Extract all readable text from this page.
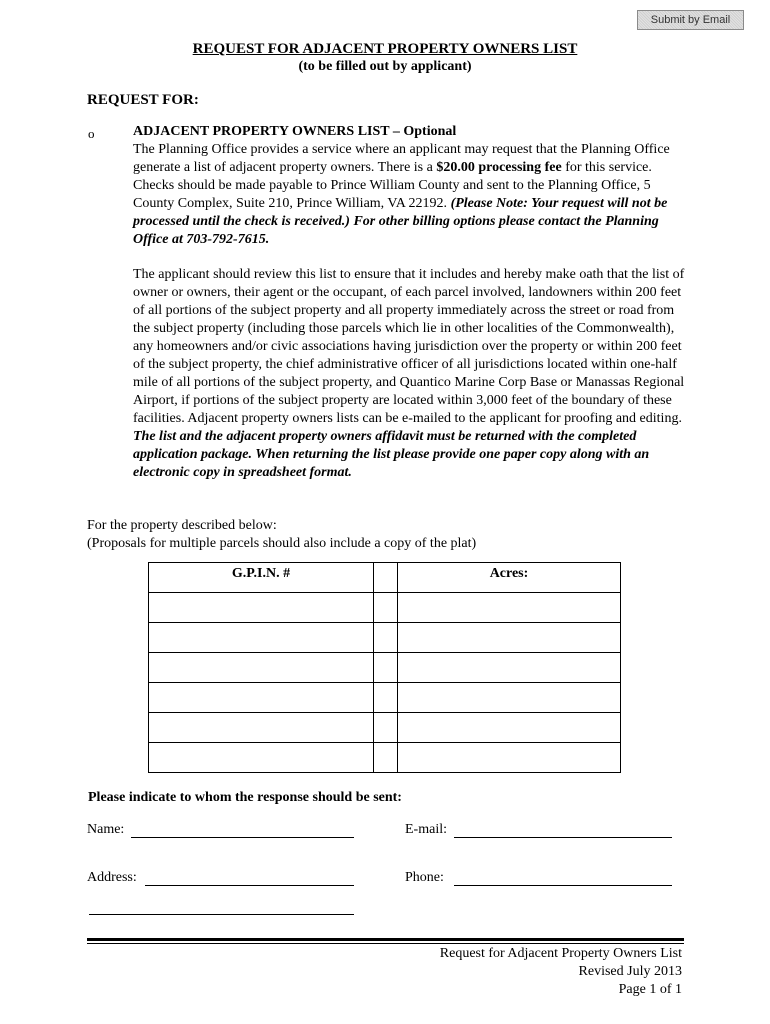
Submit by Email
REQUEST FOR ADJACENT PROPERTY OWNERS LIST
(to be filled out by applicant)
REQUEST FOR:
o	ADJACENT PROPERTY OWNERS LIST – Optional
The Planning Office provides a service where an applicant may request that the Planning Office generate a list of adjacent property owners. There is a $20.00 processing fee for this service. Checks should be made payable to Prince William County and sent to the Planning Office, 5 County Complex, Suite 210, Prince William, VA 22192. (Please Note: Your request will not be processed until the check is received.) For other billing options please contact the Planning Office at 703-792-7615.
The applicant should review this list to ensure that it includes and hereby make oath that the list of owner or owners, their agent or the occupant, of each parcel involved, landowners within 200 feet of all portions of the subject property and all property immediately across the street or road from the subject property (including those parcels which lie in other localities of the Commonwealth), any homeowners and/or civic associations having jurisdiction over the property or within 200 feet of the subject property, the chief administrative officer of all jurisdictions located within one-half mile of all portions of the subject property, and Quantico Marine Corp Base or Manassas Regional Airport, if portions of the subject property are located within 3,000 feet of the boundary of these facilities. Adjacent property owners lists can be e-mailed to the applicant for proofing and editing. The list and the adjacent property owners affidavit must be returned with the completed application package. When returning the list please provide one paper copy along with an electronic copy in spreadsheet format.
For the property described below:
(Proposals for multiple parcels should also include a copy of the plat)
G.P.I.N. #		Acres:

Please indicate to whom the response should be sent:
Name:	E-mail:
Address:	Phone:
Request for Adjacent Property Owners List
Revised July 2013
Page 1 of 1
